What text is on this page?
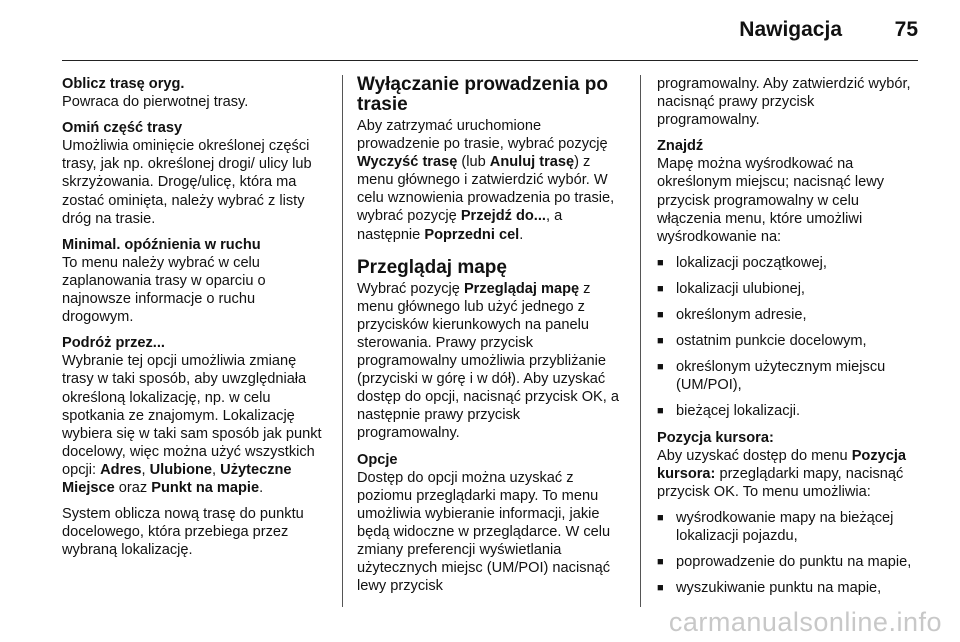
Nawigacja	75
Oblicz trasę oryg.
Powraca do pierwotnej trasy.
Omiń część trasy
Umożliwia ominięcie określonej części trasy, jak np. określonej drogi/ ulicy lub skrzyżowania. Drogę/ulicę, która ma zostać ominięta, należy wybrać z listy dróg na trasie.
Minimal. opóźnienia w ruchu
To menu należy wybrać w celu zaplanowania trasy w oparciu o najnowsze informacje o ruchu drogowym.
Podróż przez...
Wybranie tej opcji umożliwia zmianę trasy w taki sposób, aby uwzględniała określoną lokalizację, np. w celu spotkania ze znajomym. Lokalizację wybiera się w taki sam sposób jak punkt docelowy, więc można użyć wszystkich opcji: Adres, Ulubione, Użyteczne Miejsce oraz Punkt na mapie.
System oblicza nową trasę do punktu docelowego, która przebiega przez wybraną lokalizację.
Wyłączanie prowadzenia po trasie
Aby zatrzymać uruchomione prowadzenie po trasie, wybrać pozycję Wyczyść trasę (lub Anuluj trasę) z menu głównego i zatwierdzić wybór. W celu wznowienia prowadzenia po trasie, wybrać pozycję Przejdź do..., a następnie Poprzedni cel.
Przeglądaj mapę
Wybrać pozycję Przeglądaj mapę z menu głównego lub użyć jednego z przycisków kierunkowych na panelu sterowania. Prawy przycisk programowalny umożliwia przybliżanie (przyciski w górę i w dół). Aby uzyskać dostęp do opcji, nacisnąć przycisk OK, a następnie prawy przycisk programowalny.
Opcje
Dostęp do opcji można uzyskać z poziomu przeglądarki mapy. To menu umożliwia wybieranie informacji, jakie będą widoczne w przeglądarce. W celu zmiany preferencji wyświetlania użytecznych miejsc (UM/POI) nacisnąć lewy przycisk
programowalny. Aby zatwierdzić wybór, nacisnąć prawy przycisk programowalny.
Znajdź
Mapę można wyśrodkować na określonym miejscu; nacisnąć lewy przycisk programowalny w celu włączenia menu, które umożliwi wyśrodkowanie na:
■ lokalizacji początkowej,
■ lokalizacji ulubionej,
■ określonym adresie,
■ ostatnim punkcie docelowym,
■ określonym użytecznym miejscu (UM/POI),
■ bieżącej lokalizacji.
Pozycja kursora:
Aby uzyskać dostęp do menu Pozycja kursora: przeglądarki mapy, nacisnąć przycisk OK. To menu umożliwia:
■ wyśrodkowanie mapy na bieżącej lokalizacji pojazdu,
■ poprowadzenie do punktu na mapie,
■ wyszukiwanie punktu na mapie,
carmanualsonline.info
